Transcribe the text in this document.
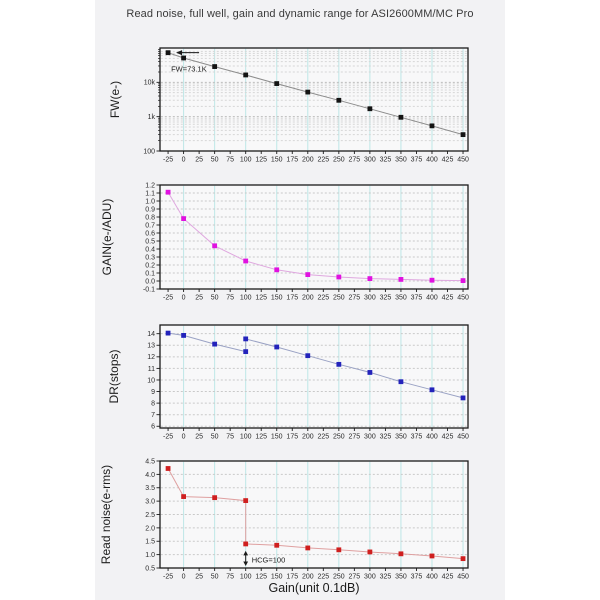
Read noise, full well, gain and dynamic range for ASI2600MM/MC Pro
-25 0 25 50 75 100 125 150 175 200 225 250 275 300 325 350 375 400 425 450
10k
1k
100
FW(e-)
FW=73.1K
-25 0 25 50 75 100 125 150 175 200 225 250 275 300 325 350 375 400 425 450
1.2
1.1
1.0
0.9
0.8
0.7
0.6
0.5
0.4
0.3
0.2
0.1
0.0
-0.1
GAIN(e-/ADU)
-25 0 25 50 75 100 125 150 175 200 225 250 275 300 325 350 375 400 425 450
14
13
12
11
10
9
8
7
6
DR(stops)
-25 0 25 50 75 100 125 150 175 200 225 250 275 300 325 350 375 400 425 450
4.5
4.0
3.5
3.0
2.5
2.0
1.5
1.0
0.5
Read noise(e-rms)	HCG=100
Gain(unit 0.1dB)
